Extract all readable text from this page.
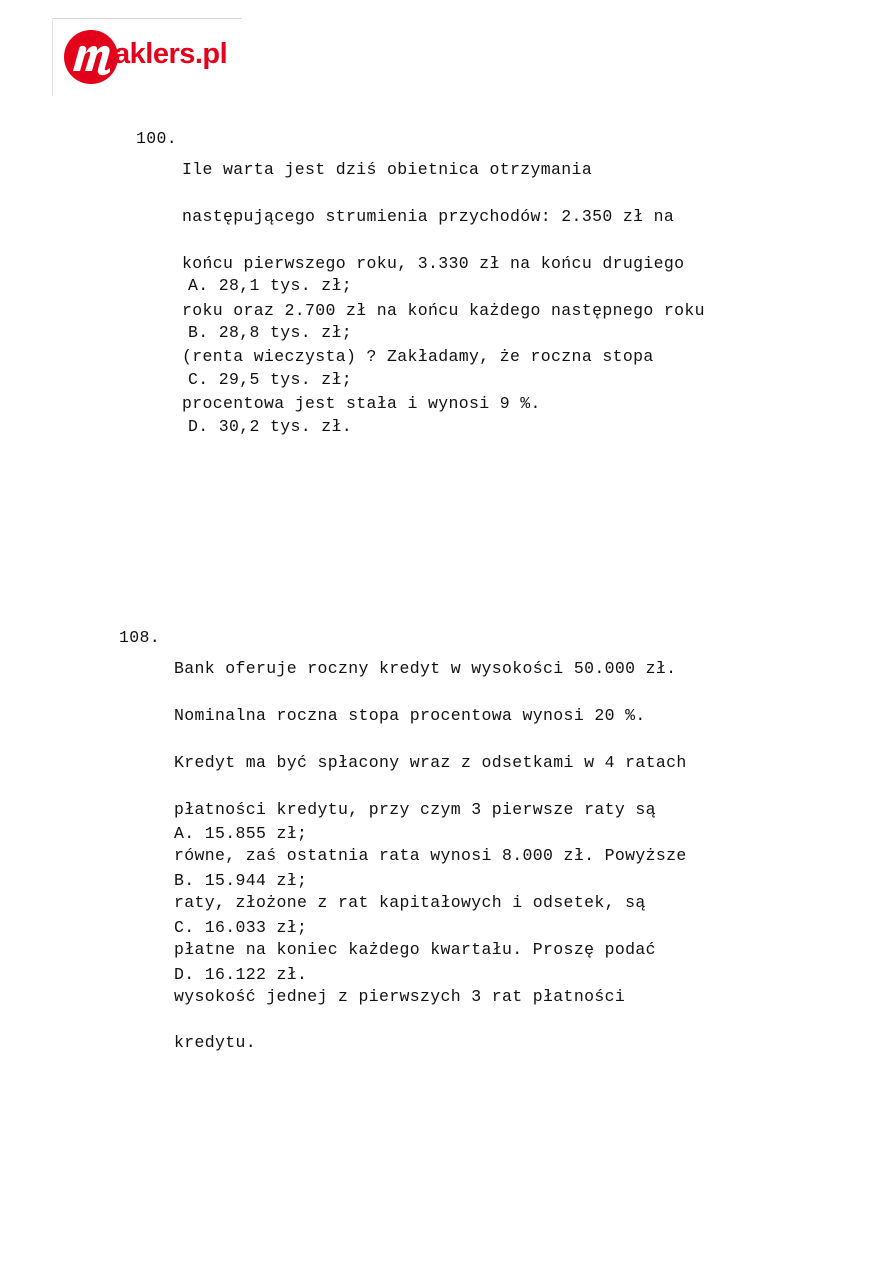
aklers.pl

100.

Ile warta jest dziś obietnica otrzymania

następującego strumienia przychodów: 2.350 zł na

końcu pierwszego roku, 3.330 zł na końcu drugiego

roku oraz 2.700 zł na końcu każdego następnego roku

(renta wieczysta) ? Zakładamy, że roczna stopa

procentowa jest stała i wynosi 9 %.

A. 28,1 tys. zł;

B. 28,8 tys. zł;

C. 29,5 tys. zł;

D. 30,2 tys. zł.

108.

Bank oferuje roczny kredyt w wysokości 50.000 zł.

Nominalna roczna stopa procentowa wynosi 20 %.

Kredyt ma być spłacony wraz z odsetkami w 4 ratach

płatności kredytu, przy czym 3 pierwsze raty są

równe, zaś ostatnia rata wynosi 8.000 zł. Powyższe

raty, złożone z rat kapitałowych i odsetek, są

płatne na koniec każdego kwartału. Proszę podać

wysokość jednej z pierwszych 3 rat płatności

kredytu.

A. 15.855 zł;

B. 15.944 zł;

C. 16.033 zł;

D. 16.122 zł.
